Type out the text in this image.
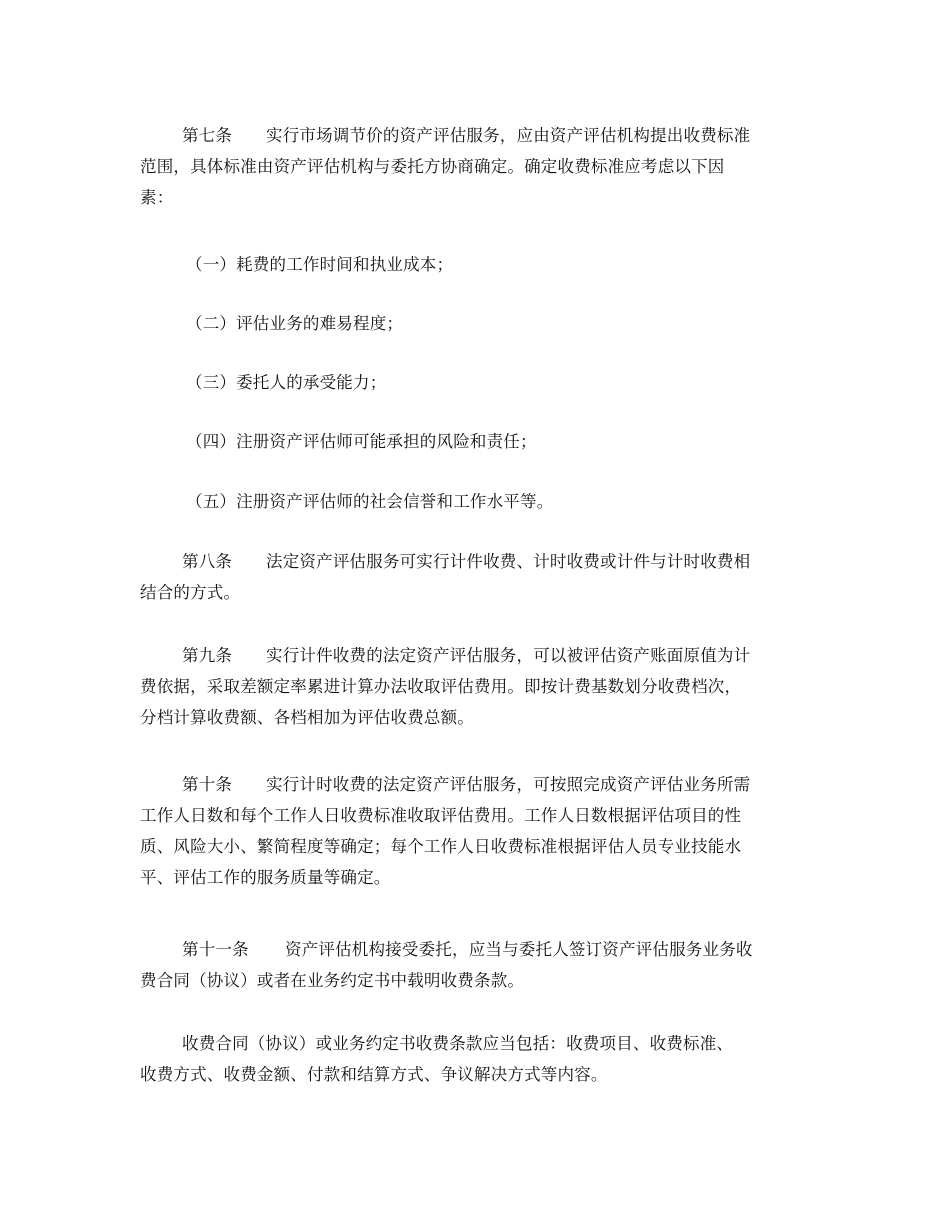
第七条 实行市场调节价的资产评估服务，应由资产评估机构提出收费标准
范围，具体标准由资产评估机构与委托方协商确定。确定收费标准应考虑以下因
素：

（一）耗费的工作时间和执业成本；

（二）评估业务的难易程度；

（三）委托人的承受能力；

（四）注册资产评估师可能承担的风险和责任；

（五）注册资产评估师的社会信誉和工作水平等。

第八条 法定资产评估服务可实行计件收费、计时收费或计件与计时收费相
结合的方式。
第九条 实行计件收费的法定资产评估服务，可以被评估资产账面原值为计
费依据，采取差额定率累进计算办法收取评估费用。即按计费基数划分收费档次，
分档计算收费额、各档相加为评估收费总额。
第十条 实行计时收费的法定资产评估服务，可按照完成资产评估业务所需
工作人日数和每个工作人日收费标准收取评估费用。工作人日数根据评估项目的性
质、风险大小、繁简程度等确定；每个工作人日收费标准根据评估人员专业技能水
平、评估工作的服务质量等确定。
第十一条 资产评估机构接受委托，应当与委托人签订资产评估服务业务收
费合同（协议）或者在业务约定书中载明收费条款。
收费合同（协议）或业务约定书收费条款应当包括：收费项目、收费标准、
收费方式、收费金额、付款和结算方式、争议解决方式等内容。
